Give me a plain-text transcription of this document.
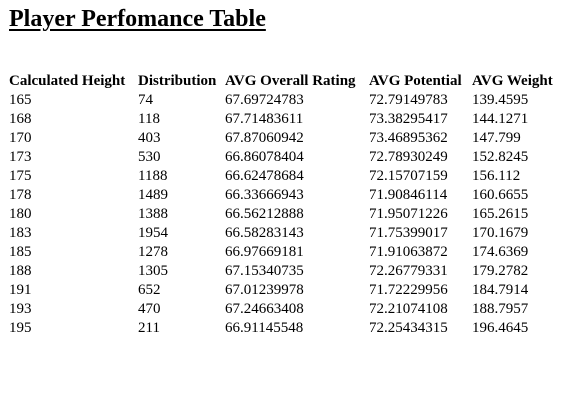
Player Perfomance Table
Calculated Height	Distribution	AVG Overall Rating	AVG Potential	AVG Weight
165	74	67.69724783	72.79149783	139.4595
168	118	67.71483611	73.38295417	144.1271
170	403	67.87060942	73.46895362	147.799
173	530	66.86078404	72.78930249	152.8245
175	1188	66.62478684	72.15707159	156.112
178	1489	66.33666943	71.90846114	160.6655
180	1388	66.56212888	71.95071226	165.2615
183	1954	66.58283143	71.75399017	170.1679
185	1278	66.97669181	71.91063872	174.6369
188	1305	67.15340735	72.26779331	179.2782
191	652	67.01239978	71.72229956	184.7914
193	470	67.24663408	72.21074108	188.7957
195	211	66.91145548	72.25434315	196.4645
